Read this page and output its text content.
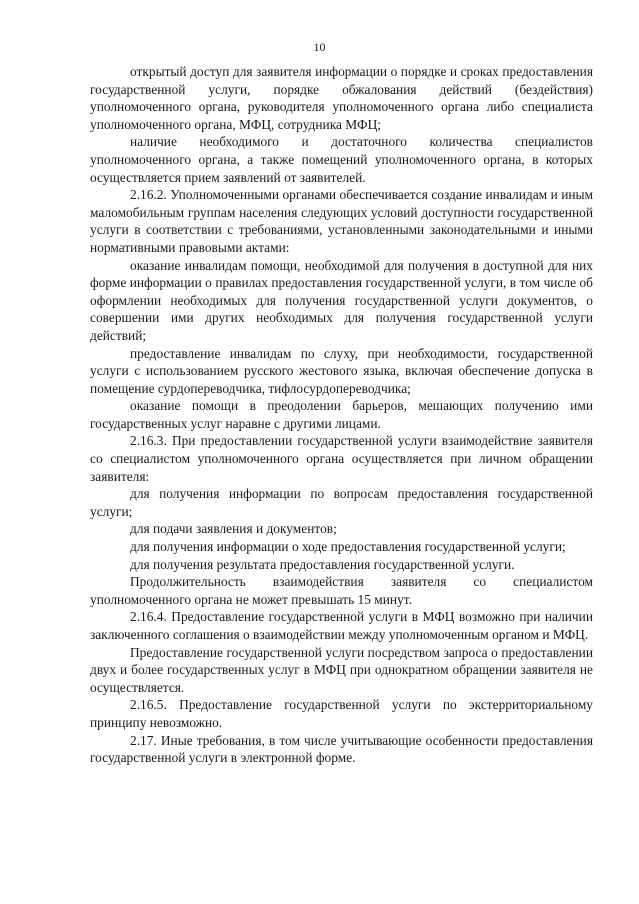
10

открытый доступ для заявителя информации о порядке и сроках предоставления государственной услуги, порядке обжалования действий (бездействия) уполномоченного органа, руководителя уполномоченного органа либо специалиста уполномоченного органа, МФЦ, сотрудника МФЦ;

наличие необходимого и достаточного количества специалистов уполномоченного органа, а также помещений уполномоченного органа, в которых осуществляется прием заявлений от заявителей.

2.16.2. Уполномоченными органами обеспечивается создание инвалидам и иным маломобильным группам населения следующих условий доступности государственной услуги в соответствии с требованиями, установленными законодательными и иными нормативными правовыми актами:

оказание инвалидам помощи, необходимой для получения в доступной для них форме информации о правилах предоставления государственной услуги, в том числе об оформлении необходимых для получения государственной услуги документов, о совершении ими других необходимых для получения государственной услуги действий;

предоставление инвалидам по слуху, при необходимости, государственной услуги с использованием русского жестового языка, включая обеспечение допуска в помещение сурдопереводчика, тифлосурдопереводчика;

оказание помощи в преодолении барьеров, мешающих получению ими государственных услуг наравне с другими лицами.

2.16.3. При предоставлении государственной услуги взаимодействие заявителя со специалистом уполномоченного органа осуществляется при личном обращении заявителя:

для получения информации по вопросам предоставления государственной услуги;

для подачи заявления и документов;

для получения информации о ходе предоставления государственной услуги;

для получения результата предоставления государственной услуги.

Продолжительность взаимодействия заявителя со специалистом уполномоченного органа не может превышать 15 минут.

2.16.4. Предоставление государственной услуги в МФЦ возможно при наличии заключенного соглашения о взаимодействии между уполномоченным органом и МФЦ.

Предоставление государственной услуги посредством запроса о предоставлении двух и более государственных услуг в МФЦ при однократном обращении заявителя не осуществляется.

2.16.5. Предоставление государственной услуги по экстерриториальному принципу невозможно.

2.17. Иные требования, в том числе учитывающие особенности предоставления государственной услуги в электронной форме.
